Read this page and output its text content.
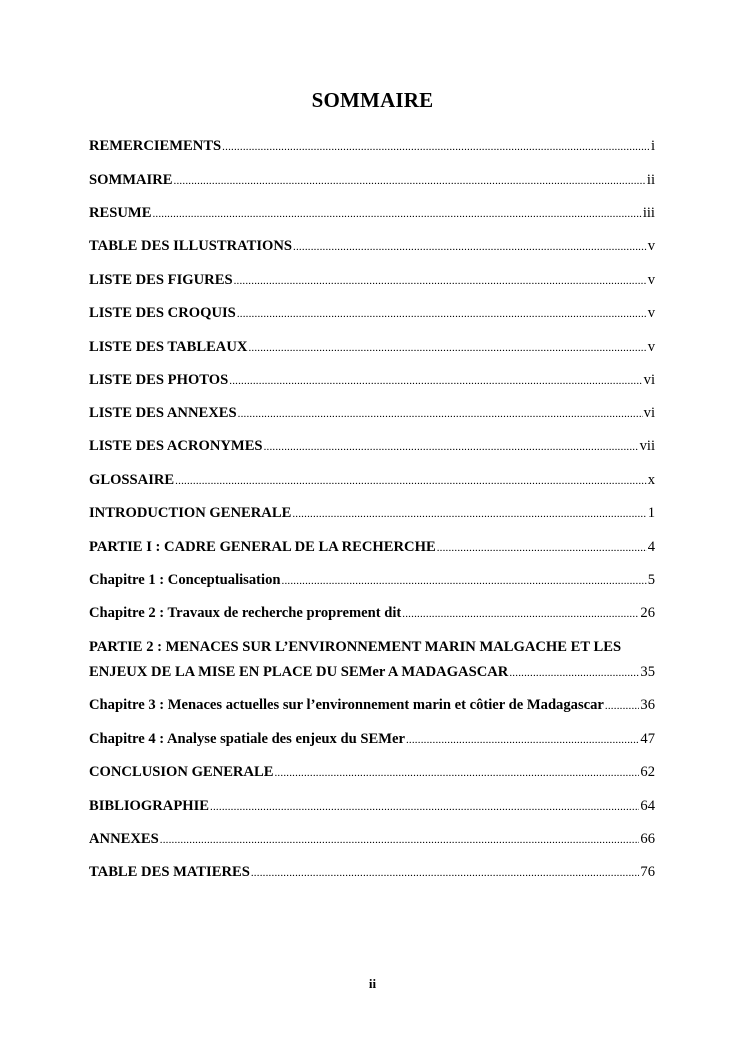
SOMMAIRE
REMERCIEMENTS .....	i
SOMMAIRE .....	ii
RESUME .....	iii
TABLE DES ILLUSTRATIONS .....	v
LISTE DES FIGURES .....	v
LISTE DES CROQUIS .....	v
LISTE DES TABLEAUX .....	v
LISTE DES PHOTOS .....	vi
LISTE DES ANNEXES .....	vi
LISTE DES ACRONYMES .....	vii
GLOSSAIRE .....	x
INTRODUCTION GENERALE .....	1
PARTIE I : CADRE GENERAL DE LA RECHERCHE .....	4
Chapitre 1 : Conceptualisation .....	5
Chapitre 2 : Travaux de recherche proprement dit .....	26
PARTIE 2 : MENACES SUR L’ENVIRONNEMENT MARIN MALGACHE ET LES
ENJEUX DE LA MISE EN PLACE DU SEMer A MADAGASCAR .....	35
Chapitre 3 : Menaces actuelles sur l’environnement marin et côtier de Madagascar .....	36
Chapitre 4 : Analyse spatiale des enjeux du SEMer .....	47
CONCLUSION GENERALE .....	62
BIBLIOGRAPHIE .....	64
ANNEXES .....	66
TABLE DES MATIERES .....	76
ii
